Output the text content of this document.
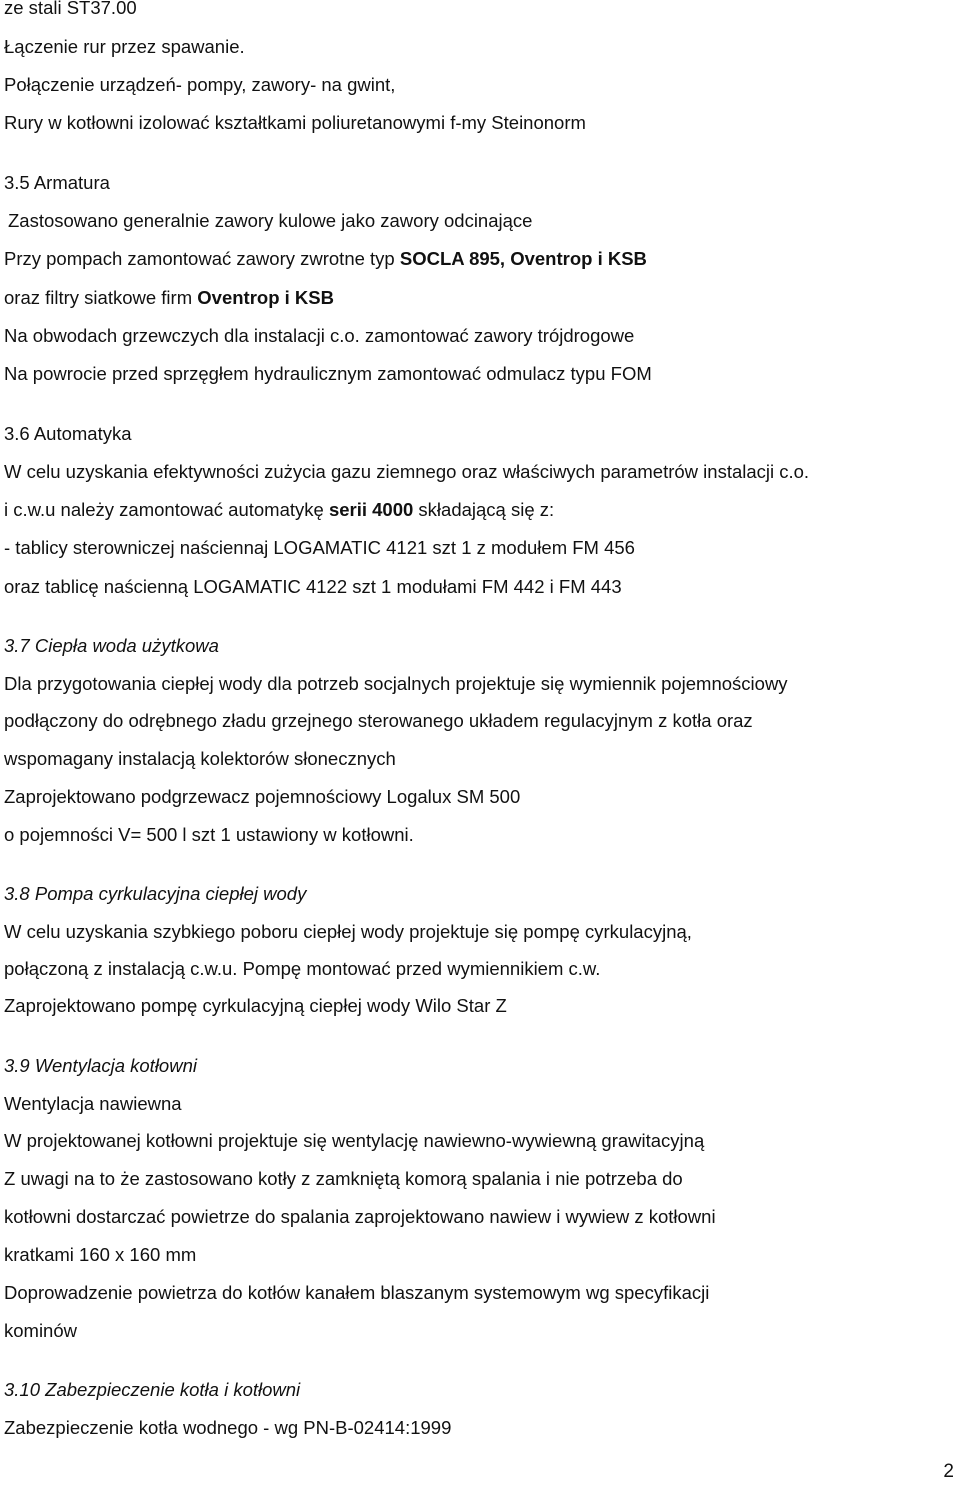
ze stali ST37.00
Łączenie rur przez spawanie.
Połączenie urządzeń- pompy, zawory- na gwint,
Rury w kotłowni izolować kształtkami poliuretanowymi f-my Steinonorm
3.5 Armatura
Zastosowano generalnie zawory kulowe jako zawory odcinające
Przy pompach zamontować zawory zwrotne typ SOCLA 895, Oventrop i KSB
oraz filtry siatkowe firm Oventrop i KSB
Na obwodach grzewczych dla instalacji c.o. zamontować zawory trójdrogowe
Na powrocie przed sprzęgłem hydraulicznym zamontować odmulacz typu FOM
3.6 Automatyka
W celu uzyskania efektywności zużycia gazu ziemnego oraz właściwych parametrów instalacji c.o.
i c.w.u należy zamontować automatykę serii 4000 składającą się z:
- tablicy sterowniczej naściennaj LOGAMATIC 4121 szt 1 z modułem FM 456
oraz tablicę naścienną LOGAMATIC 4122 szt 1 modułami FM 442 i FM 443
3.7 Ciepła woda użytkowa
Dla przygotowania ciepłej wody dla potrzeb socjalnych projektuje się wymiennik pojemnościowy
podłączony do odrębnego zładu grzejnego sterowanego układem regulacyjnym z kotła oraz
wspomagany instalacją kolektorów słonecznych
Zaprojektowano podgrzewacz pojemnościowy Logalux SM 500
o pojemności V= 500 l szt 1 ustawiony w kotłowni.
3.8 Pompa cyrkulacyjna ciepłej wody
W celu uzyskania szybkiego poboru ciepłej wody projektuje się pompę cyrkulacyjną,
połączoną z instalacją c.w.u. Pompę montować przed wymiennikiem c.w.
Zaprojektowano pompę cyrkulacyjną ciepłej wody Wilo Star Z
3.9 Wentylacja kotłowni
Wentylacja nawiewna
W projektowanej kotłowni projektuje się wentylację nawiewno-wywiewną grawitacyjną
Z uwagi na to że zastosowano kotły z zamkniętą komorą spalania i nie potrzeba do
kotłowni dostarczać powietrze do spalania zaprojektowano nawiew i wywiew z kotłowni
kratkami 160 x 160 mm
Doprowadzenie powietrza do kotłów kanałem blaszanym systemowym wg specyfikacji
kominów
3.10 Zabezpieczenie kotła i kotłowni
Zabezpieczenie kotła wodnego - wg PN-B-02414:1999
2
